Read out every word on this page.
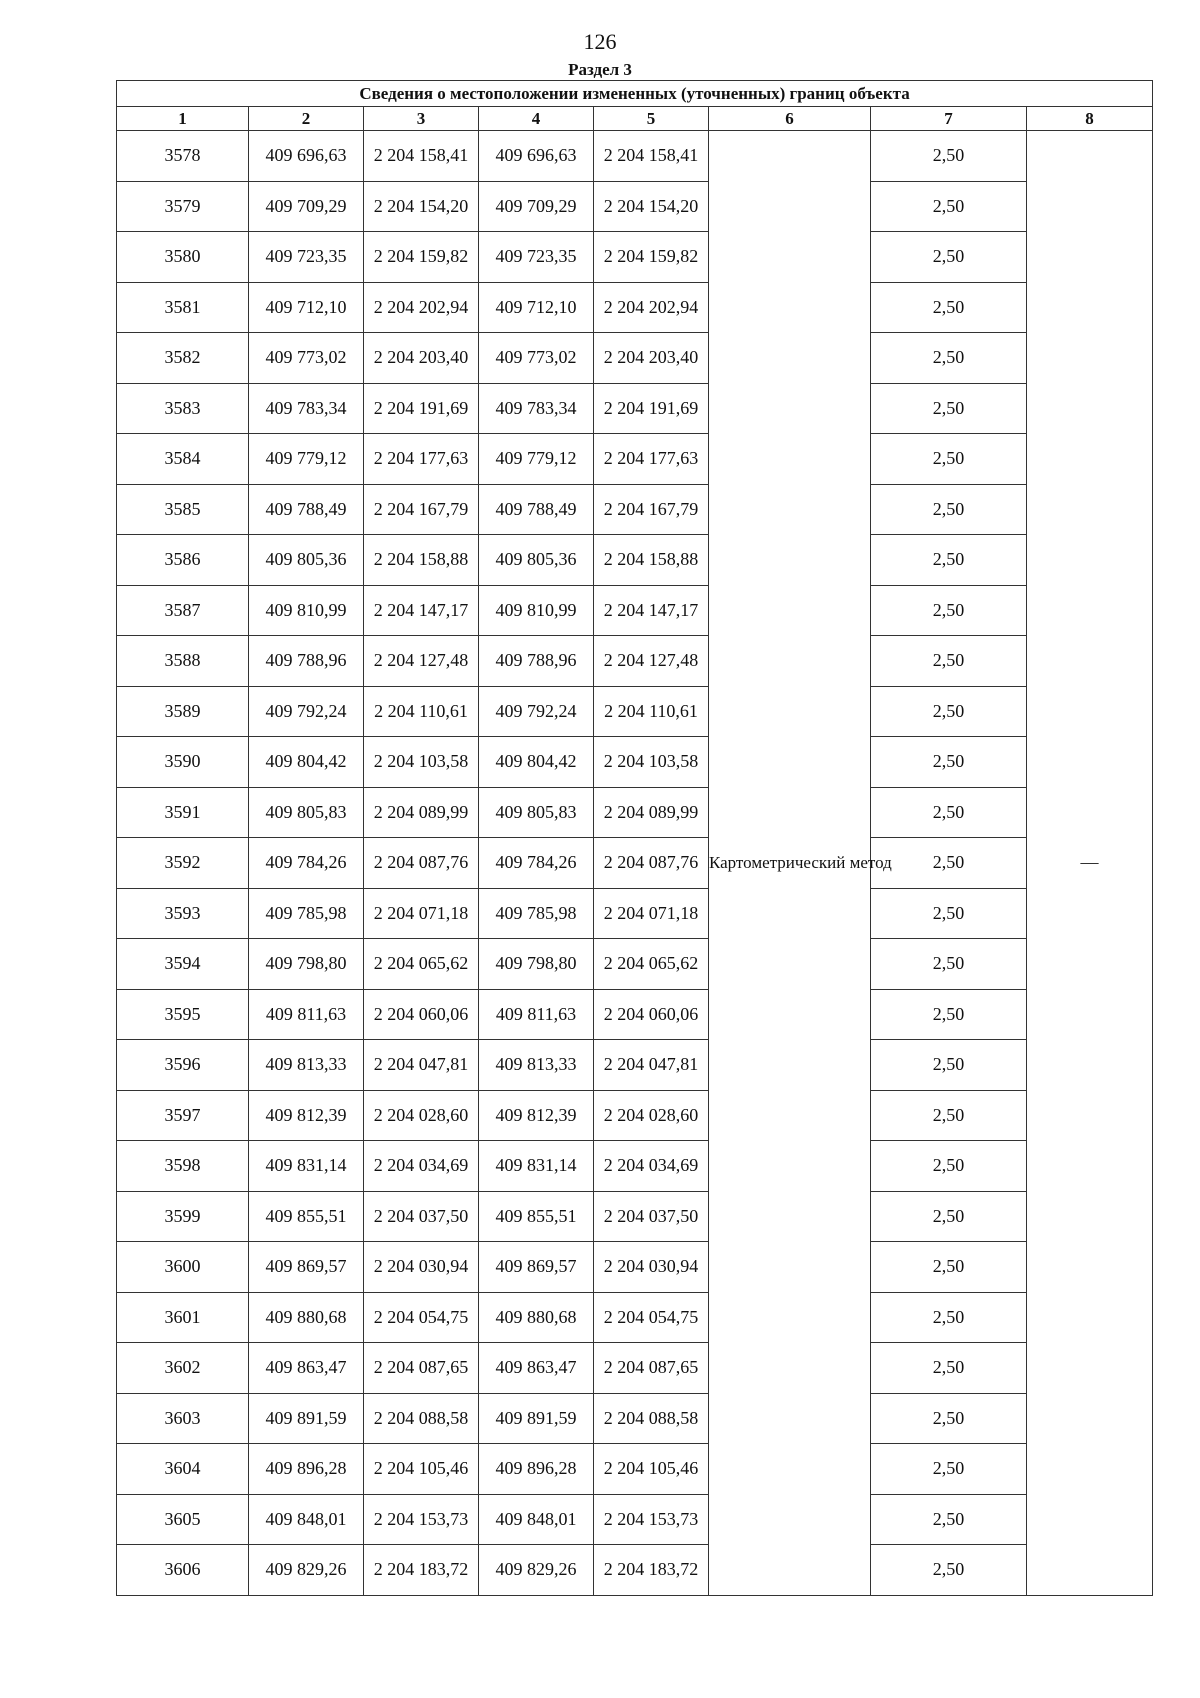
126
Раздел 3
Сведения о местоположении измененных (уточненных) границ объекта							
1	2	3	4	5	6	7	8
3578	409 696,63	2 204 158,41	409 696,63	2 204 158,41	Картометрический метод	2,50	—
3579	409 709,29	2 204 154,20	409 709,29	2 204 154,20		2,50	
3580	409 723,35	2 204 159,82	409 723,35	2 204 159,82		2,50	
3581	409 712,10	2 204 202,94	409 712,10	2 204 202,94		2,50	
3582	409 773,02	2 204 203,40	409 773,02	2 204 203,40		2,50	
3583	409 783,34	2 204 191,69	409 783,34	2 204 191,69		2,50	
3584	409 779,12	2 204 177,63	409 779,12	2 204 177,63		2,50	
3585	409 788,49	2 204 167,79	409 788,49	2 204 167,79		2,50	
3586	409 805,36	2 204 158,88	409 805,36	2 204 158,88		2,50	
3587	409 810,99	2 204 147,17	409 810,99	2 204 147,17		2,50	
3588	409 788,96	2 204 127,48	409 788,96	2 204 127,48		2,50	
3589	409 792,24	2 204 110,61	409 792,24	2 204 110,61		2,50	
3590	409 804,42	2 204 103,58	409 804,42	2 204 103,58		2,50	
3591	409 805,83	2 204 089,99	409 805,83	2 204 089,99		2,50	
3592	409 784,26	2 204 087,76	409 784,26	2 204 087,76		2,50	
3593	409 785,98	2 204 071,18	409 785,98	2 204 071,18		2,50	
3594	409 798,80	2 204 065,62	409 798,80	2 204 065,62		2,50	
3595	409 811,63	2 204 060,06	409 811,63	2 204 060,06		2,50	
3596	409 813,33	2 204 047,81	409 813,33	2 204 047,81		2,50	
3597	409 812,39	2 204 028,60	409 812,39	2 204 028,60		2,50	
3598	409 831,14	2 204 034,69	409 831,14	2 204 034,69		2,50	
3599	409 855,51	2 204 037,50	409 855,51	2 204 037,50		2,50	
3600	409 869,57	2 204 030,94	409 869,57	2 204 030,94		2,50	
3601	409 880,68	2 204 054,75	409 880,68	2 204 054,75		2,50	
3602	409 863,47	2 204 087,65	409 863,47	2 204 087,65		2,50	
3603	409 891,59	2 204 088,58	409 891,59	2 204 088,58		2,50	
3604	409 896,28	2 204 105,46	409 896,28	2 204 105,46		2,50	
3605	409 848,01	2 204 153,73	409 848,01	2 204 153,73		2,50	
3606	409 829,26	2 204 183,72	409 829,26	2 204 183,72		2,50	
